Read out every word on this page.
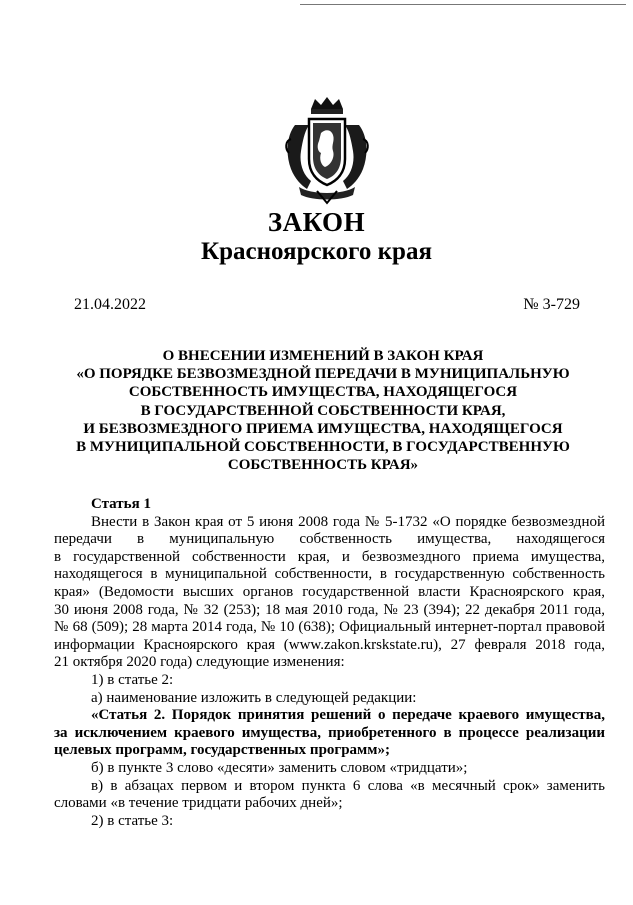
ЗАКОН
Красноярского края
21.04.2022	№ 3-729
О ВНЕСЕНИИ ИЗМЕНЕНИЙ В ЗАКОН КРАЯ
«О ПОРЯДКЕ БЕЗВОЗМЕЗДНОЙ ПЕРЕДАЧИ В МУНИЦИПАЛЬНУЮ
СОБСТВЕННОСТЬ ИМУЩЕСТВА, НАХОДЯЩЕГОСЯ
В ГОСУДАРСТВЕННОЙ СОБСТВЕННОСТИ КРАЯ,
И БЕЗВОЗМЕЗДНОГО ПРИЕМА ИМУЩЕСТВА, НАХОДЯЩЕГОСЯ
В МУНИЦИПАЛЬНОЙ СОБСТВЕННОСТИ, В ГОСУДАРСТВЕННУЮ
СОБСТВЕННОСТЬ КРАЯ»
Статья 1
Внести в Закон края от 5 июня 2008 года № 5-1732 «О порядке безвозмездной
передачи в муниципальную собственность имущества, находящегося
в государственной собственности края, и безвозмездного приема имущества,
находящегося в муниципальной собственности, в государственную собственность
края» (Ведомости высших органов государственной власти Красноярского края,
30 июня 2008 года, № 32 (253); 18 мая 2010 года, № 23 (394); 22 декабря 2011 года,
№ 68 (509); 28 марта 2014 года, № 10 (638); Официальный интернет-портал правовой
информации Красноярского края (www.zakon.krskstate.ru), 27 февраля 2018 года,
21 октября 2020 года) следующие изменения:
1) в статье 2:
а) наименование изложить в следующей редакции:
«Статья 2. Порядок принятия решений о передаче краевого имущества,
за исключением краевого имущества, приобретенного в процессе реализации
целевых программ, государственных программ»;
б) в пункте 3 слово «десяти» заменить словом «тридцати»;
в) в абзацах первом и втором пункта 6 слова «в месячный срок» заменить
словами «в течение тридцати рабочих дней»;
2) в статье 3:
